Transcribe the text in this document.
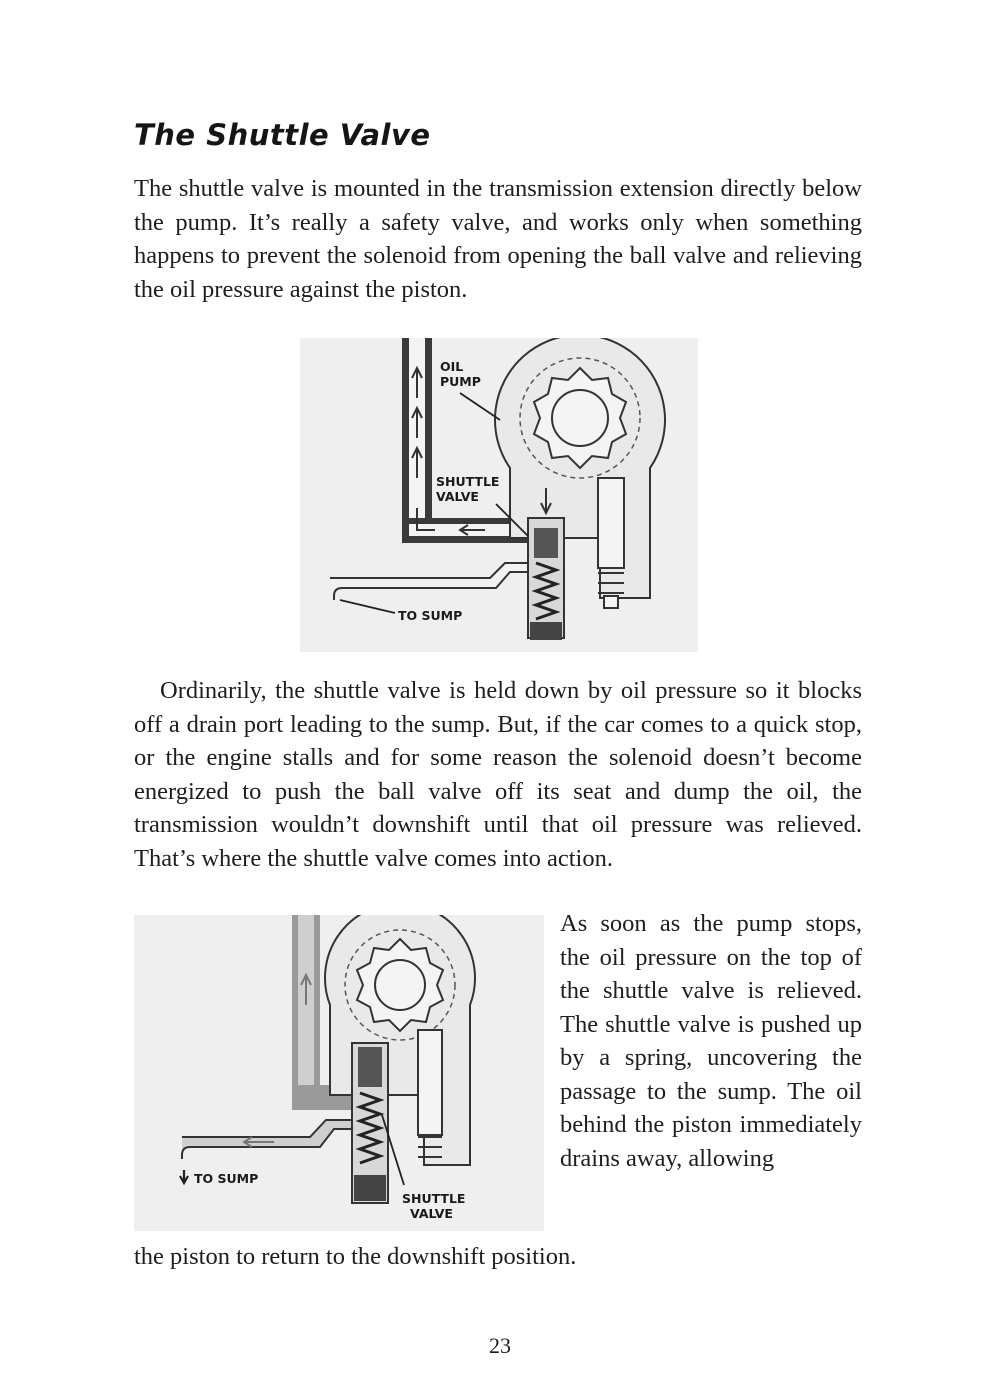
The Shuttle Valve

The shuttle valve is mounted in the transmission extension directly below the pump. It’s really a safety valve, and works only when something happens to prevent the solenoid from opening the ball valve and relieving the oil pressure against the piston.

OIL
PUMP
SHUTTLE
VALVE
TO SUMP

Ordinarily, the shuttle valve is held down by oil pressure so it blocks off a drain port leading to the sump. But, if the car comes to a quick stop, or the engine stalls and for some reason the solenoid doesn’t become energized to push the ball valve off its seat and dump the oil, the transmission wouldn’t downshift until that oil pressure was relieved. That’s where the shuttle valve comes into action.

TO SUMP
SHUTTLE
VALVE

As soon as the pump stops, the oil pressure on the top of the shuttle valve is relieved. The shuttle valve is pushed up by a spring, uncovering the passage to the sump. The oil behind the piston immediately drains away, allowing

the piston to return to the downshift position.

23
